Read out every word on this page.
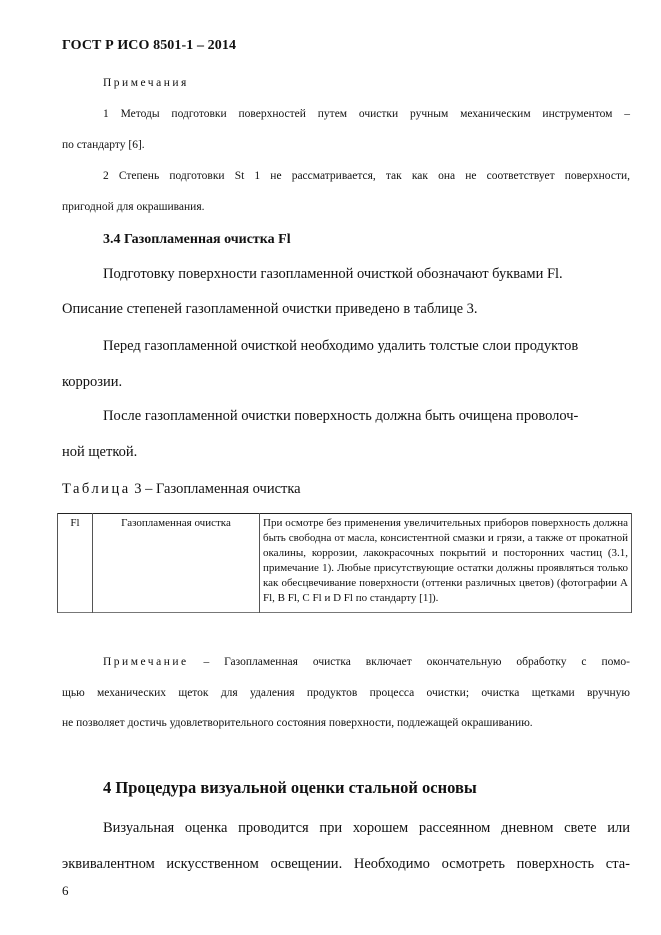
ГОСТ Р ИСО 8501-1 – 2014
Примечания
1 Методы подготовки поверхностей путем очистки ручным механическим инструментом –
по стандарту [6].
2 Степень подготовки St 1 не рассматривается, так как она не соответствует поверхности,
пригодной для окрашивания.
3.4 Газопламенная очистка Fl
Подготовку поверхности газопламенной очисткой обозначают буквами Fl.
Описание степеней газопламенной очистки приведено в таблице 3.
Перед газопламенной очисткой необходимо удалить толстые слои продуктов
коррозии.
После газопламенной очистки поверхность должна быть очищена проволоч-
ной щеткой.
Таблица 3 – Газопламенная очистка
Fl	Газопламенная очистка	При осмотре без применения увеличительных приборов поверхность должна быть свободна от масла, консистентной смазки и грязи, а также от прокатной окалины, коррозии, лакокрасочных покрытий и посторонних частиц (3.1, примечание 1). Любые присутствующие остатки должны проявляться только как обесцвечивание поверхности (оттенки различных цветов) (фотографии A Fl, B Fl, C Fl и D Fl по стандарту [1]).
Примечание – Газопламенная очистка включает окончательную обработку с помо-
щью механических щеток для удаления продуктов процесса очистки; очистка щетками вручную
не позволяет достичь удовлетворительного состояния поверхности, подлежащей окрашиванию.
4 Процедура визуальной оценки стальной основы
Визуальная оценка проводится при хорошем рассеянном дневном свете или
эквивалентном искусственном освещении. Необходимо осмотреть поверхность ста-
6
